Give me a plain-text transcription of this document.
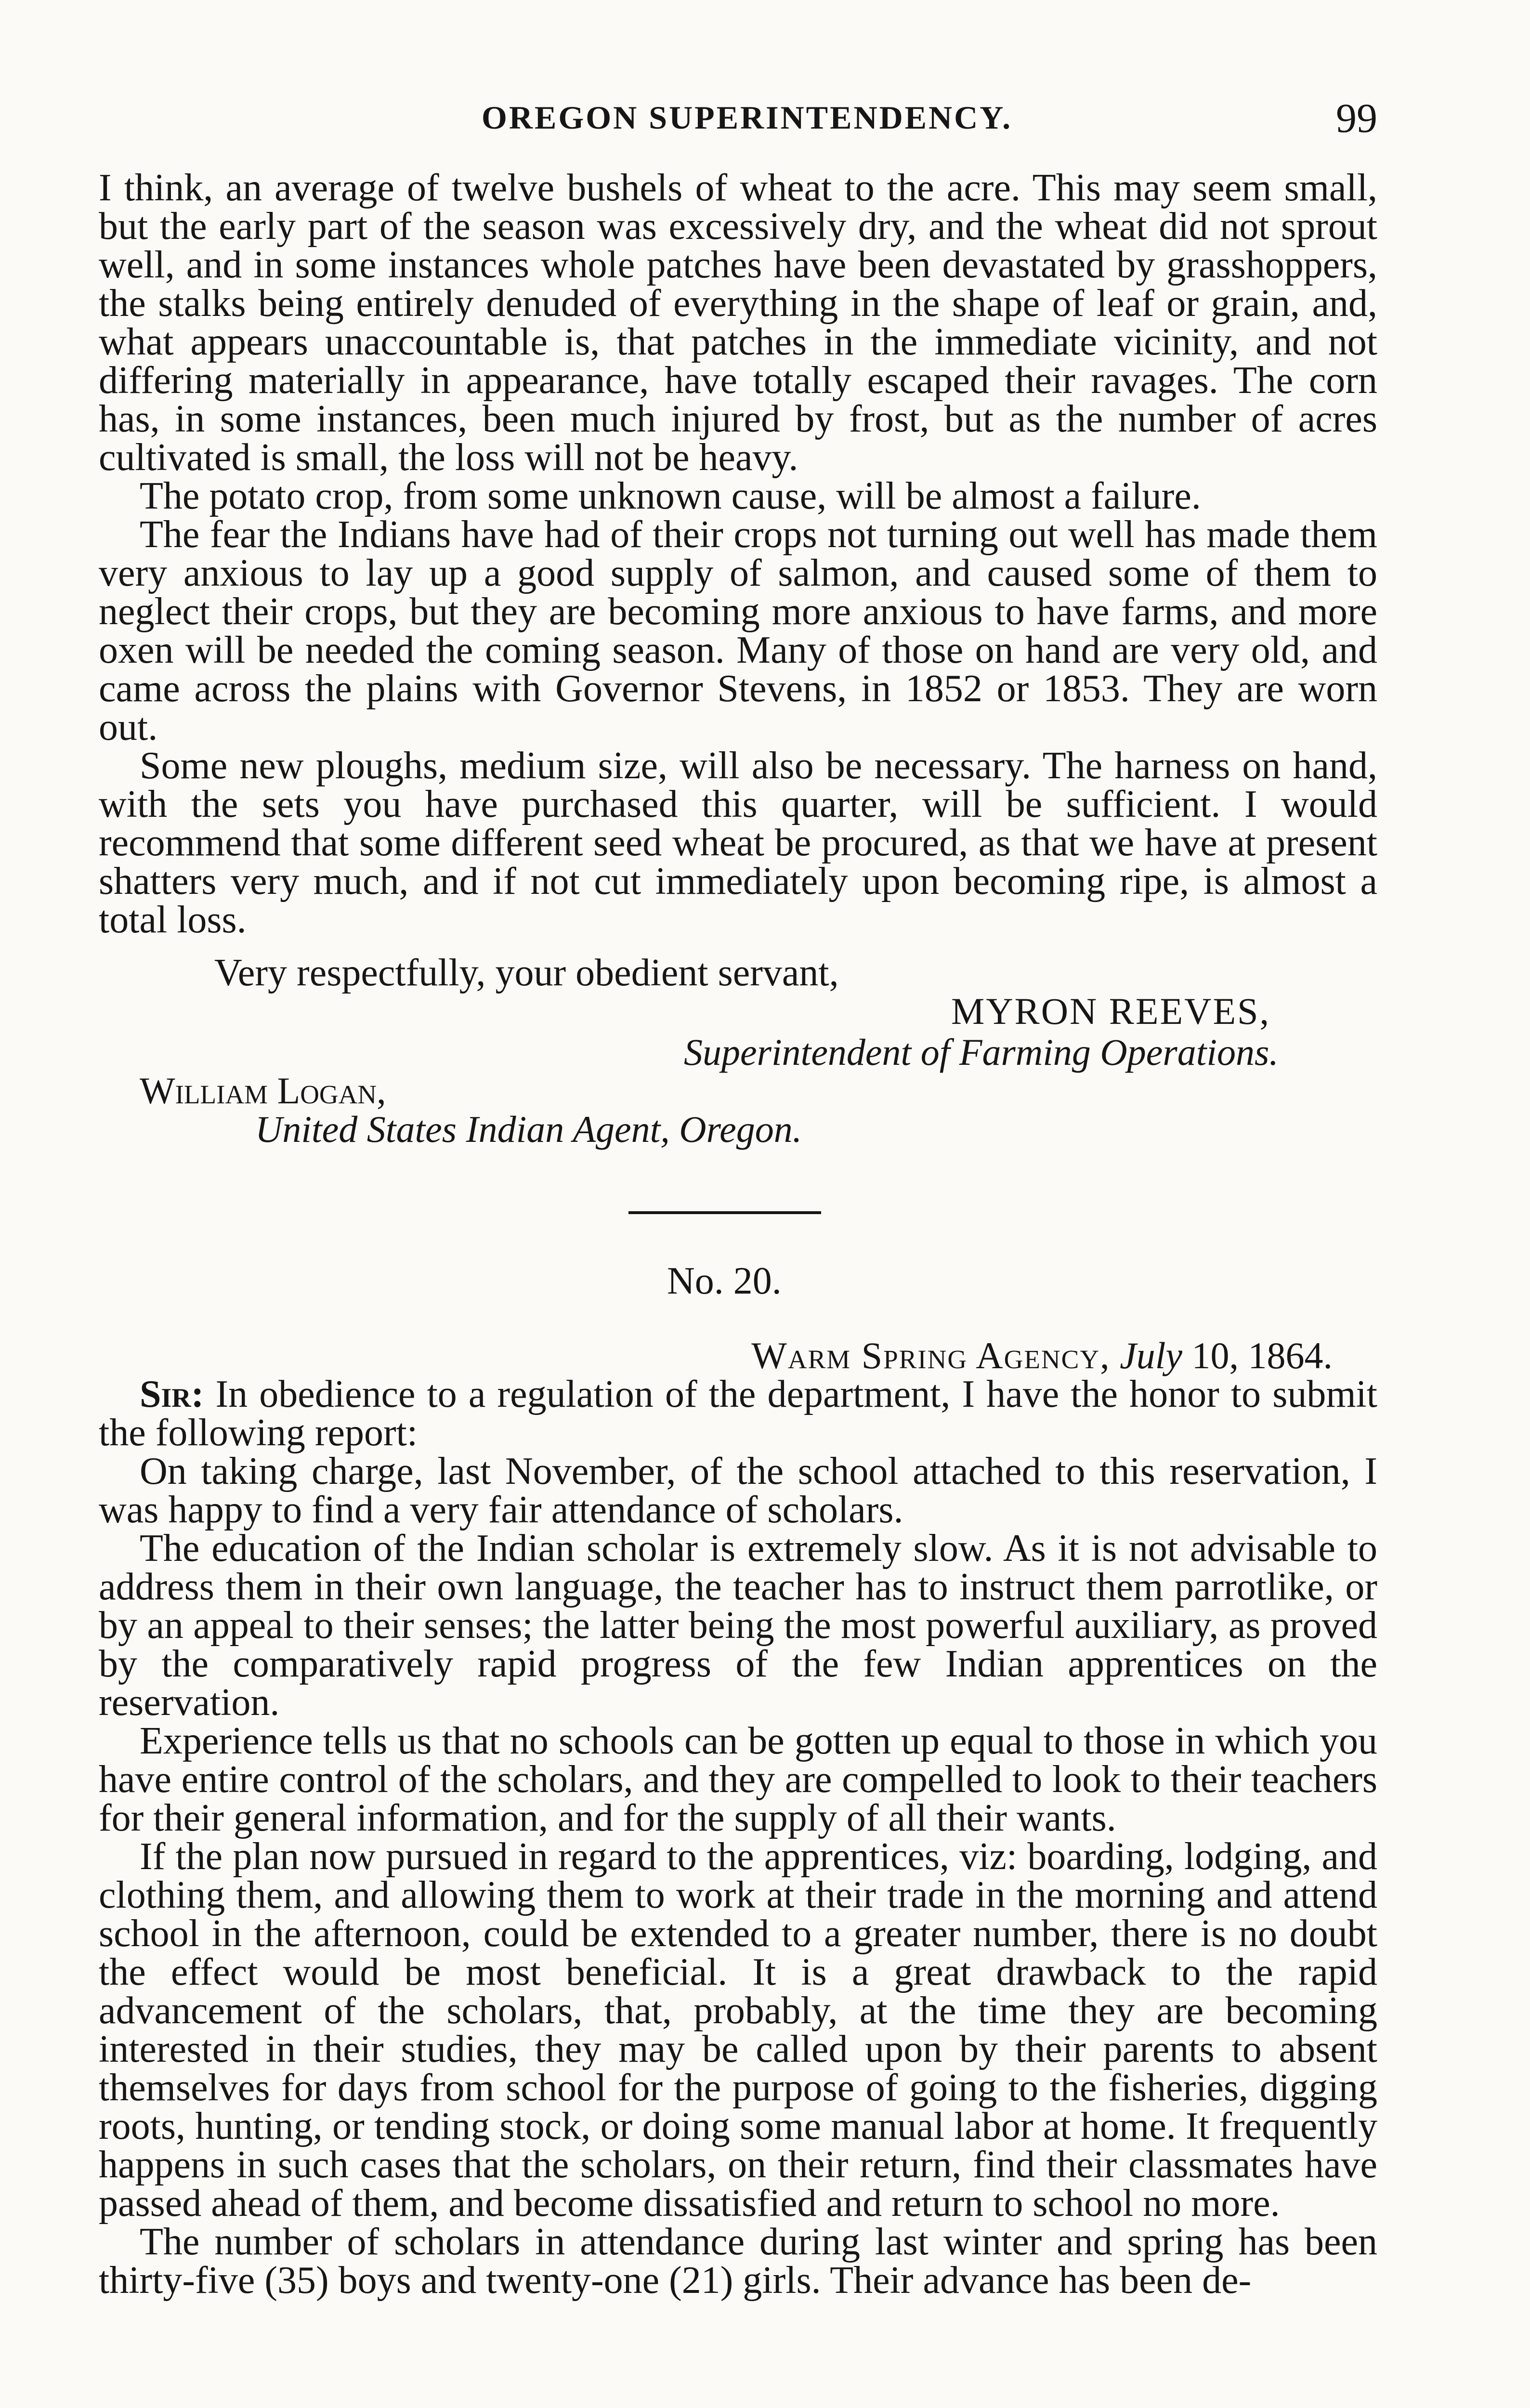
OREGON SUPERINTENDENCY.	99

I think, an average of twelve bushels of wheat to the acre. This may seem small, but the early part of the season was excessively dry, and the wheat did not sprout well, and in some instances whole patches have been devastated by grasshoppers, the stalks being entirely denuded of everything in the shape of leaf or grain, and, what appears unaccountable is, that patches in the immediate vicinity, and not differing materially in appearance, have totally escaped their ravages. The corn has, in some instances, been much injured by frost, but as the number of acres cultivated is small, the loss will not be heavy.

The potato crop, from some unknown cause, will be almost a failure.

The fear the Indians have had of their crops not turning out well has made them very anxious to lay up a good supply of salmon, and caused some of them to neglect their crops, but they are becoming more anxious to have farms, and more oxen will be needed the coming season. Many of those on hand are very old, and came across the plains with Governor Stevens, in 1852 or 1853. They are worn out.

Some new ploughs, medium size, will also be necessary. The harness on hand, with the sets you have purchased this quarter, will be sufficient. I would recommend that some different seed wheat be procured, as that we have at present shatters very much, and if not cut immediately upon becoming ripe, is almost a total loss.

Very respectfully, your obedient servant,
MYRON REEVES,
Superintendent of Farming Operations.
William Logan,
United States Indian Agent, Oregon.
No. 20.
Warm Spring Agency, July 10, 1864.

Sir: In obedience to a regulation of the department, I have the honor to submit the following report:

On taking charge, last November, of the school attached to this reservation, I was happy to find a very fair attendance of scholars.

The education of the Indian scholar is extremely slow. As it is not advisable to address them in their own language, the teacher has to instruct them parrotlike, or by an appeal to their senses; the latter being the most powerful auxiliary, as proved by the comparatively rapid progress of the few Indian apprentices on the reservation.

Experience tells us that no schools can be gotten up equal to those in which you have entire control of the scholars, and they are compelled to look to their teachers for their general information, and for the supply of all their wants.

If the plan now pursued in regard to the apprentices, viz: boarding, lodging, and clothing them, and allowing them to work at their trade in the morning and attend school in the afternoon, could be extended to a greater number, there is no doubt the effect would be most beneficial. It is a great drawback to the rapid advancement of the scholars, that, probably, at the time they are becoming interested in their studies, they may be called upon by their parents to absent themselves for days from school for the purpose of going to the fisheries, digging roots, hunting, or tending stock, or doing some manual labor at home. It frequently happens in such cases that the scholars, on their return, find their classmates have passed ahead of them, and become dissatisfied and return to school no more.

The number of scholars in attendance during last winter and spring has been thirty-five (35) boys and twenty-one (21) girls. Their advance has been de-
